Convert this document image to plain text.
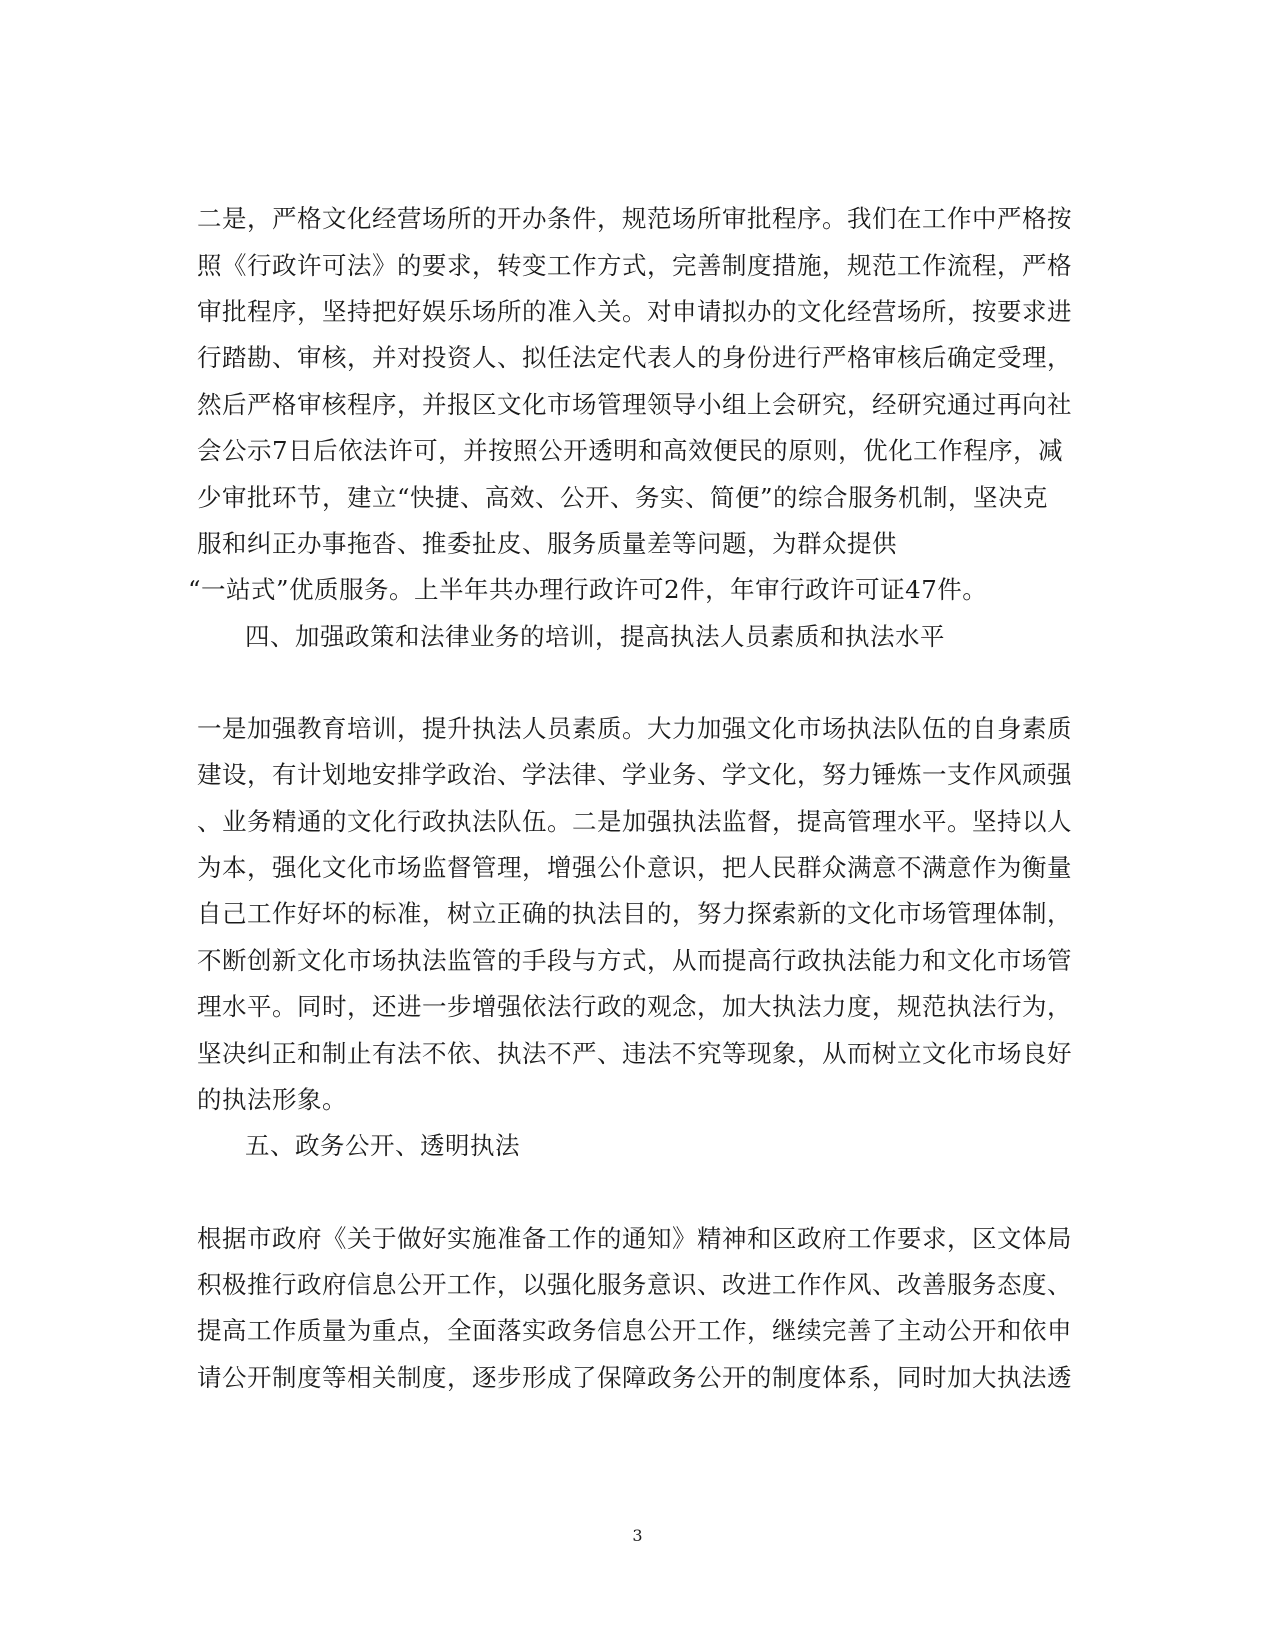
二是，严格文化经营场所的开办条件，规范场所审批程序。我们在工作中严格按
照《行政许可法》的要求，转变工作方式，完善制度措施，规范工作流程，严格
审批程序，坚持把好娱乐场所的准入关。对申请拟办的文化经营场所，按要求进
行踏勘、审核，并对投资人、拟任法定代表人的身份进行严格审核后确定受理，
然后严格审核程序，并报区文化市场管理领导小组上会研究，经研究通过再向社
会公示7日后依法许可，并按照公开透明和高效便民的原则，优化工作程序，减
少审批环节，建立“快捷、高效、公开、务实、简便”的综合服务机制，坚决克
服和纠正办事拖沓、推委扯皮、服务质量差等问题，为群众提供
“一站式”优质服务。上半年共办理行政许可2件，年审行政许可证47件。
四、加强政策和法律业务的培训，提高执法人员素质和执法水平
一是加强教育培训，提升执法人员素质。大力加强文化市场执法队伍的自身素质
建设，有计划地安排学政治、学法律、学业务、学文化，努力锤炼一支作风顽强
、业务精通的文化行政执法队伍。二是加强执法监督，提高管理水平。坚持以人
为本，强化文化市场监督管理，增强公仆意识，把人民群众满意不满意作为衡量
自己工作好坏的标准，树立正确的执法目的，努力探索新的文化市场管理体制，
不断创新文化市场执法监管的手段与方式，从而提高行政执法能力和文化市场管
理水平。同时，还进一步增强依法行政的观念，加大执法力度，规范执法行为，
坚决纠正和制止有法不依、执法不严、违法不究等现象，从而树立文化市场良好
的执法形象。
五、政务公开、透明执法
根据市政府《关于做好实施准备工作的通知》精神和区政府工作要求，区文体局
积极推行政府信息公开工作，以强化服务意识、改进工作作风、改善服务态度、
提高工作质量为重点，全面落实政务信息公开工作，继续完善了主动公开和依申
请公开制度等相关制度，逐步形成了保障政务公开的制度体系，同时加大执法透
3
